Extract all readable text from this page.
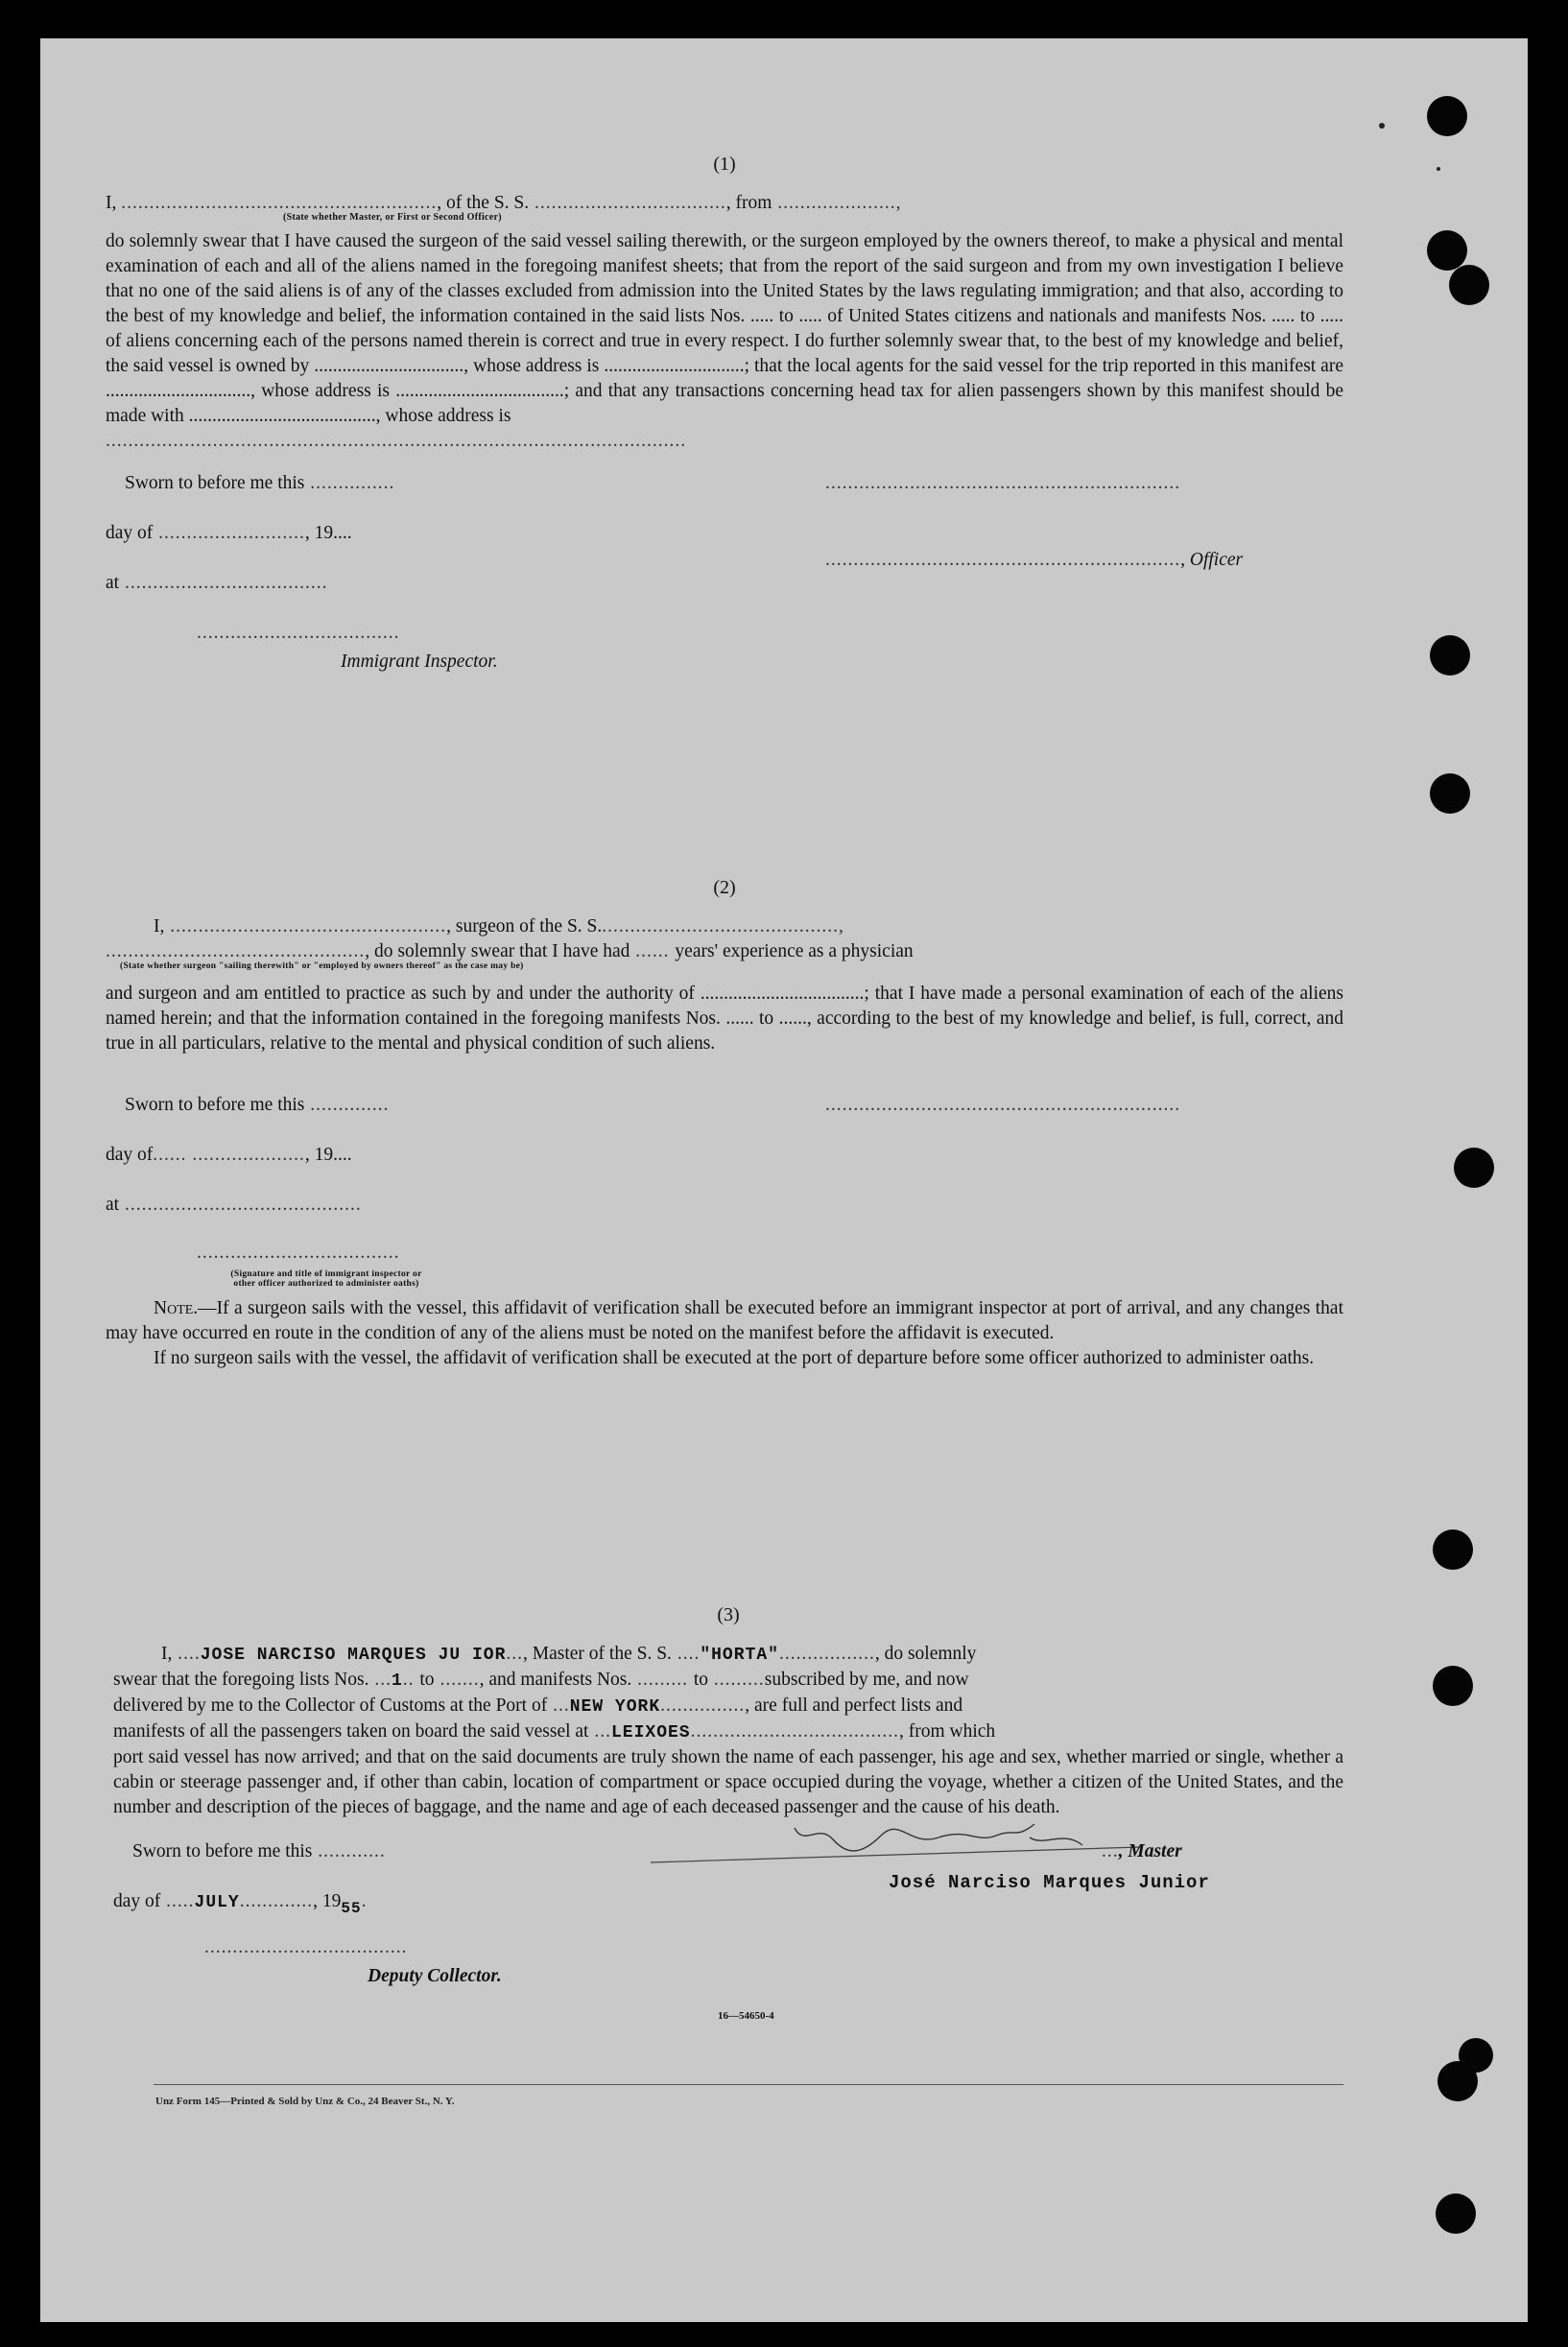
(1)
I, ........................................................, of the S. S. .................................., from .....................,
(State whether Master, or First or Second Officer)
do solemnly swear that I have caused the surgeon of the said vessel sailing therewith, or the surgeon employed by the owners thereof, to make a physical and mental examination of each and all of the aliens named in the foregoing manifest sheets; that from the report of the said surgeon and from my own investigation I believe that no one of the said aliens is of any of the classes excluded from admission into the United States by the laws regulating immigration; and that also, according to the best of my knowledge and belief, the information contained in the said lists Nos. ..... to ..... of United States citizens and nationals and manifests Nos. ..... to ..... of aliens concerning each of the persons named therein is correct and true in every respect. I do further solemnly swear that, to the best of my knowledge and belief, the said vessel is owned by ................................, whose address is ..............................; that the local agents for the said vessel for the trip reported in this manifest are ..............................., whose address is ....................................; and that any transactions concerning head tax for alien passengers shown by this manifest should be made with ........................................, whose address is
.......................................................................................................
Sworn to before me this ...............	...............................................................
day of .........................., 19....
..............................................................., Officer
at ....................................
....................................
Immigrant Inspector.
(2)
I, ................................................., surgeon of the S. S...........................................,
.............................................., do solemnly swear that I have had ...... years' experience as a physician
(State whether surgeon "sailing therewith" or "employed by owners thereof" as the case may be)
and surgeon and am entitled to practice as such by and under the authority of ...................................; that I have made a personal examination of each of the aliens named herein; and that the information contained in the foregoing manifests Nos. ...... to ......, according to the best of my knowledge and belief, is full, correct, and true in all particulars, relative to the mental and physical condition of such aliens.
Sworn to before me this ..............	...............................................................
day of...... ...................., 19....
at ..........................................
....................................
(Signature and title of immigrant inspector or other officer authorized to administer oaths)
Note.—If a surgeon sails with the vessel, this affidavit of verification shall be executed before an immigrant inspector at port of arrival, and any changes that may have occurred en route in the condition of any of the aliens must be noted on the manifest before the affidavit is executed.
If no surgeon sails with the vessel, the affidavit of verification shall be executed at the port of departure before some officer authorized to administer oaths.
(3)
I, ....JOSE NARCISO MARQUES JU IOR..., Master of the S. S. ...."HORTA"................., do solemnly
swear that the foregoing lists Nos. ...1.. to ......., and manifests Nos. ......... to .........subscribed by me, and now
delivered by me to the Collector of Customs at the Port of ...NEW YORK..............., are full and perfect lists and
manifests of all the passengers taken on board the said vessel at ...LEIXOES....................................., from which
port said vessel has now arrived; and that on the said documents are truly shown the name of each passenger, his age and sex, whether married or single, whether a cabin or steerage passenger and, if other than cabin, location of compartment or space occupied during the voyage, whether a citizen of the United States, and the number and description of the pieces of baggage, and the name and age of each deceased passenger and the cause of his death.
Sworn to before me this ............
day of .....JULY............., $19_{55}$.
....................................
Deputy Collector.
..., Master
José Narciso Marques Junior
16—54650-4
Unz Form 145—Printed & Sold by Unz & Co., 24 Beaver St., N. Y.
